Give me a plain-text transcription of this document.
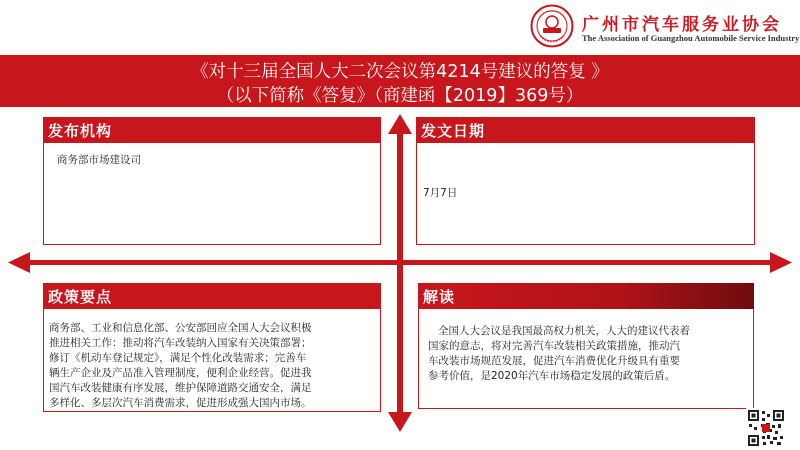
广州市汽车服务业协会
The Association of Guangzhou Automobile Service Industry
《对十三届全国人大二次会议第4214号建议的答复 》
（以下简称《答复》（商建函【2019】369号）
发布机构
商务部市场建设司
发文日期
7月7日
政策要点
商务部、工业和信息化部、公安部回应全国人大会议积极
推进相关工作：推动将汽车改装纳入国家有关决策部署；
修订《机动车登记规定》，满足个性化改装需求；完善车
辆生产企业及产品准入管理制度，便利企业经营。促进我
国汽车改装健康有序发展，维护保障道路交通安全，满足
多样化、多层次汽车消费需求，促进形成强大国内市场。
解读
全国人大会议是我国最高权力机关，人大的建议代表着
国家的意志，将对完善汽车改装相关政策措施，推动汽
车改装市场规范发展，促进汽车消费优化升级具有重要
参考价值，是2020年汽车市场稳定发展的政策后盾。
